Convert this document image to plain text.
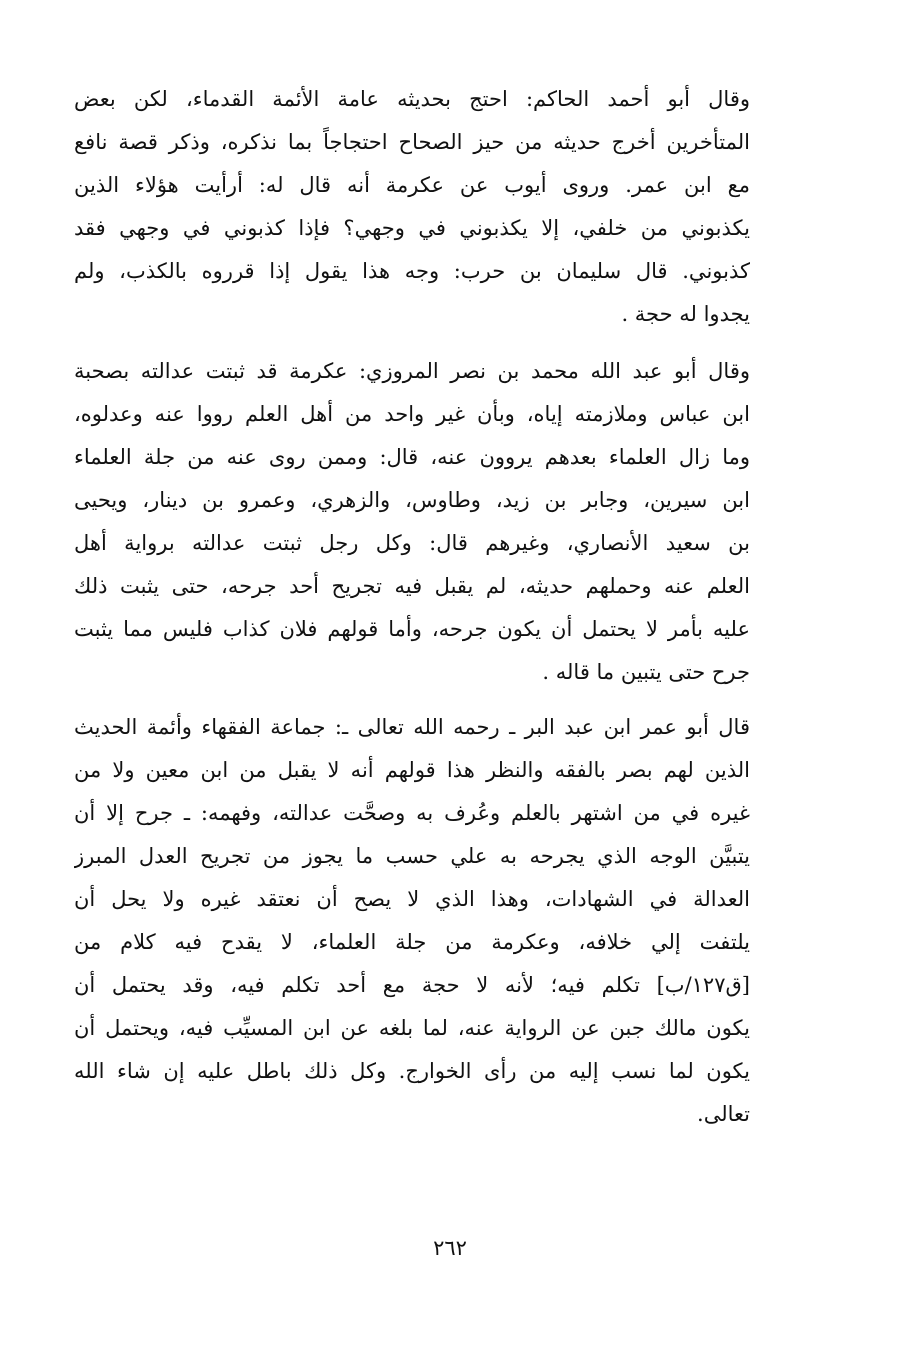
وقال أبو أحمد الحاكم: احتج بحديثه عامة الأئمة القدماء، لكن بعض
المتأخرين أخرج حديثه من حيز الصحاح احتجاجاً بما نذكره، وذكر قصة نافع
مع ابن عمر. وروى أيوب عن عكرمة أنه قال له: أرأيت هؤلاء الذين
يكذبوني من خلفي، إلا يكذبوني في وجهي؟ فإذا كذبوني في وجهي فقد
كذبوني. قال سليمان بن حرب: وجه هذا يقول إذا قرروه بالكذب، ولم
يجدوا له حجة .
وقال أبو عبد الله محمد بن نصر المروزي: عكرمة قد ثبتت عدالته بصحبة
ابن عباس وملازمته إياه، وبأن غير واحد من أهل العلم رووا عنه وعدلوه،
وما زال العلماء بعدهم يروون عنه، قال: وممن روى عنه من جلة العلماء
ابن سيرين، وجابر بن زيد، وطاوس، والزهري، وعمرو بن دينار، ويحيى
بن سعيد الأنصاري، وغيرهم قال: وكل رجل ثبتت عدالته برواية أهل
العلم عنه وحملهم حديثه، لم يقبل فيه تجريح أحد جرحه، حتى يثبت ذلك
عليه بأمر لا يحتمل أن يكون جرحه، وأما قولهم فلان كذاب فليس مما يثبت
جرح حتى يتبين ما قاله .
قال أبو عمر ابن عبد البر ـ رحمه الله تعالى ـ: جماعة الفقهاء وأئمة الحديث
الذين لهم بصر بالفقه والنظر هذا قولهم أنه لا يقبل من ابن معين ولا من
غيره في من اشتهر بالعلم وعُرف به وصحَّت عدالته، وفهمه: ـ جرح إلا أن
يتبيَّن الوجه الذي يجرحه به علي حسب ما يجوز من تجريح العدل المبرز
العدالة في الشهادات، وهذا الذي لا يصح أن نعتقد غيره ولا يحل أن
يلتفت إلي خلافه، وعكرمة من جلة العلماء، لا يقدح فيه كلام من
[ق١٢٧/ب] تكلم فيه؛ لأنه لا حجة مع أحد تكلم فيه، وقد يحتمل أن
يكون مالك جبن عن الرواية عنه، لما بلغه عن ابن المسيِّب فيه، ويحتمل أن
يكون لما نسب إليه من رأى الخوارج. وكل ذلك باطل عليه إن شاء الله
تعالى.
٢٦٢
